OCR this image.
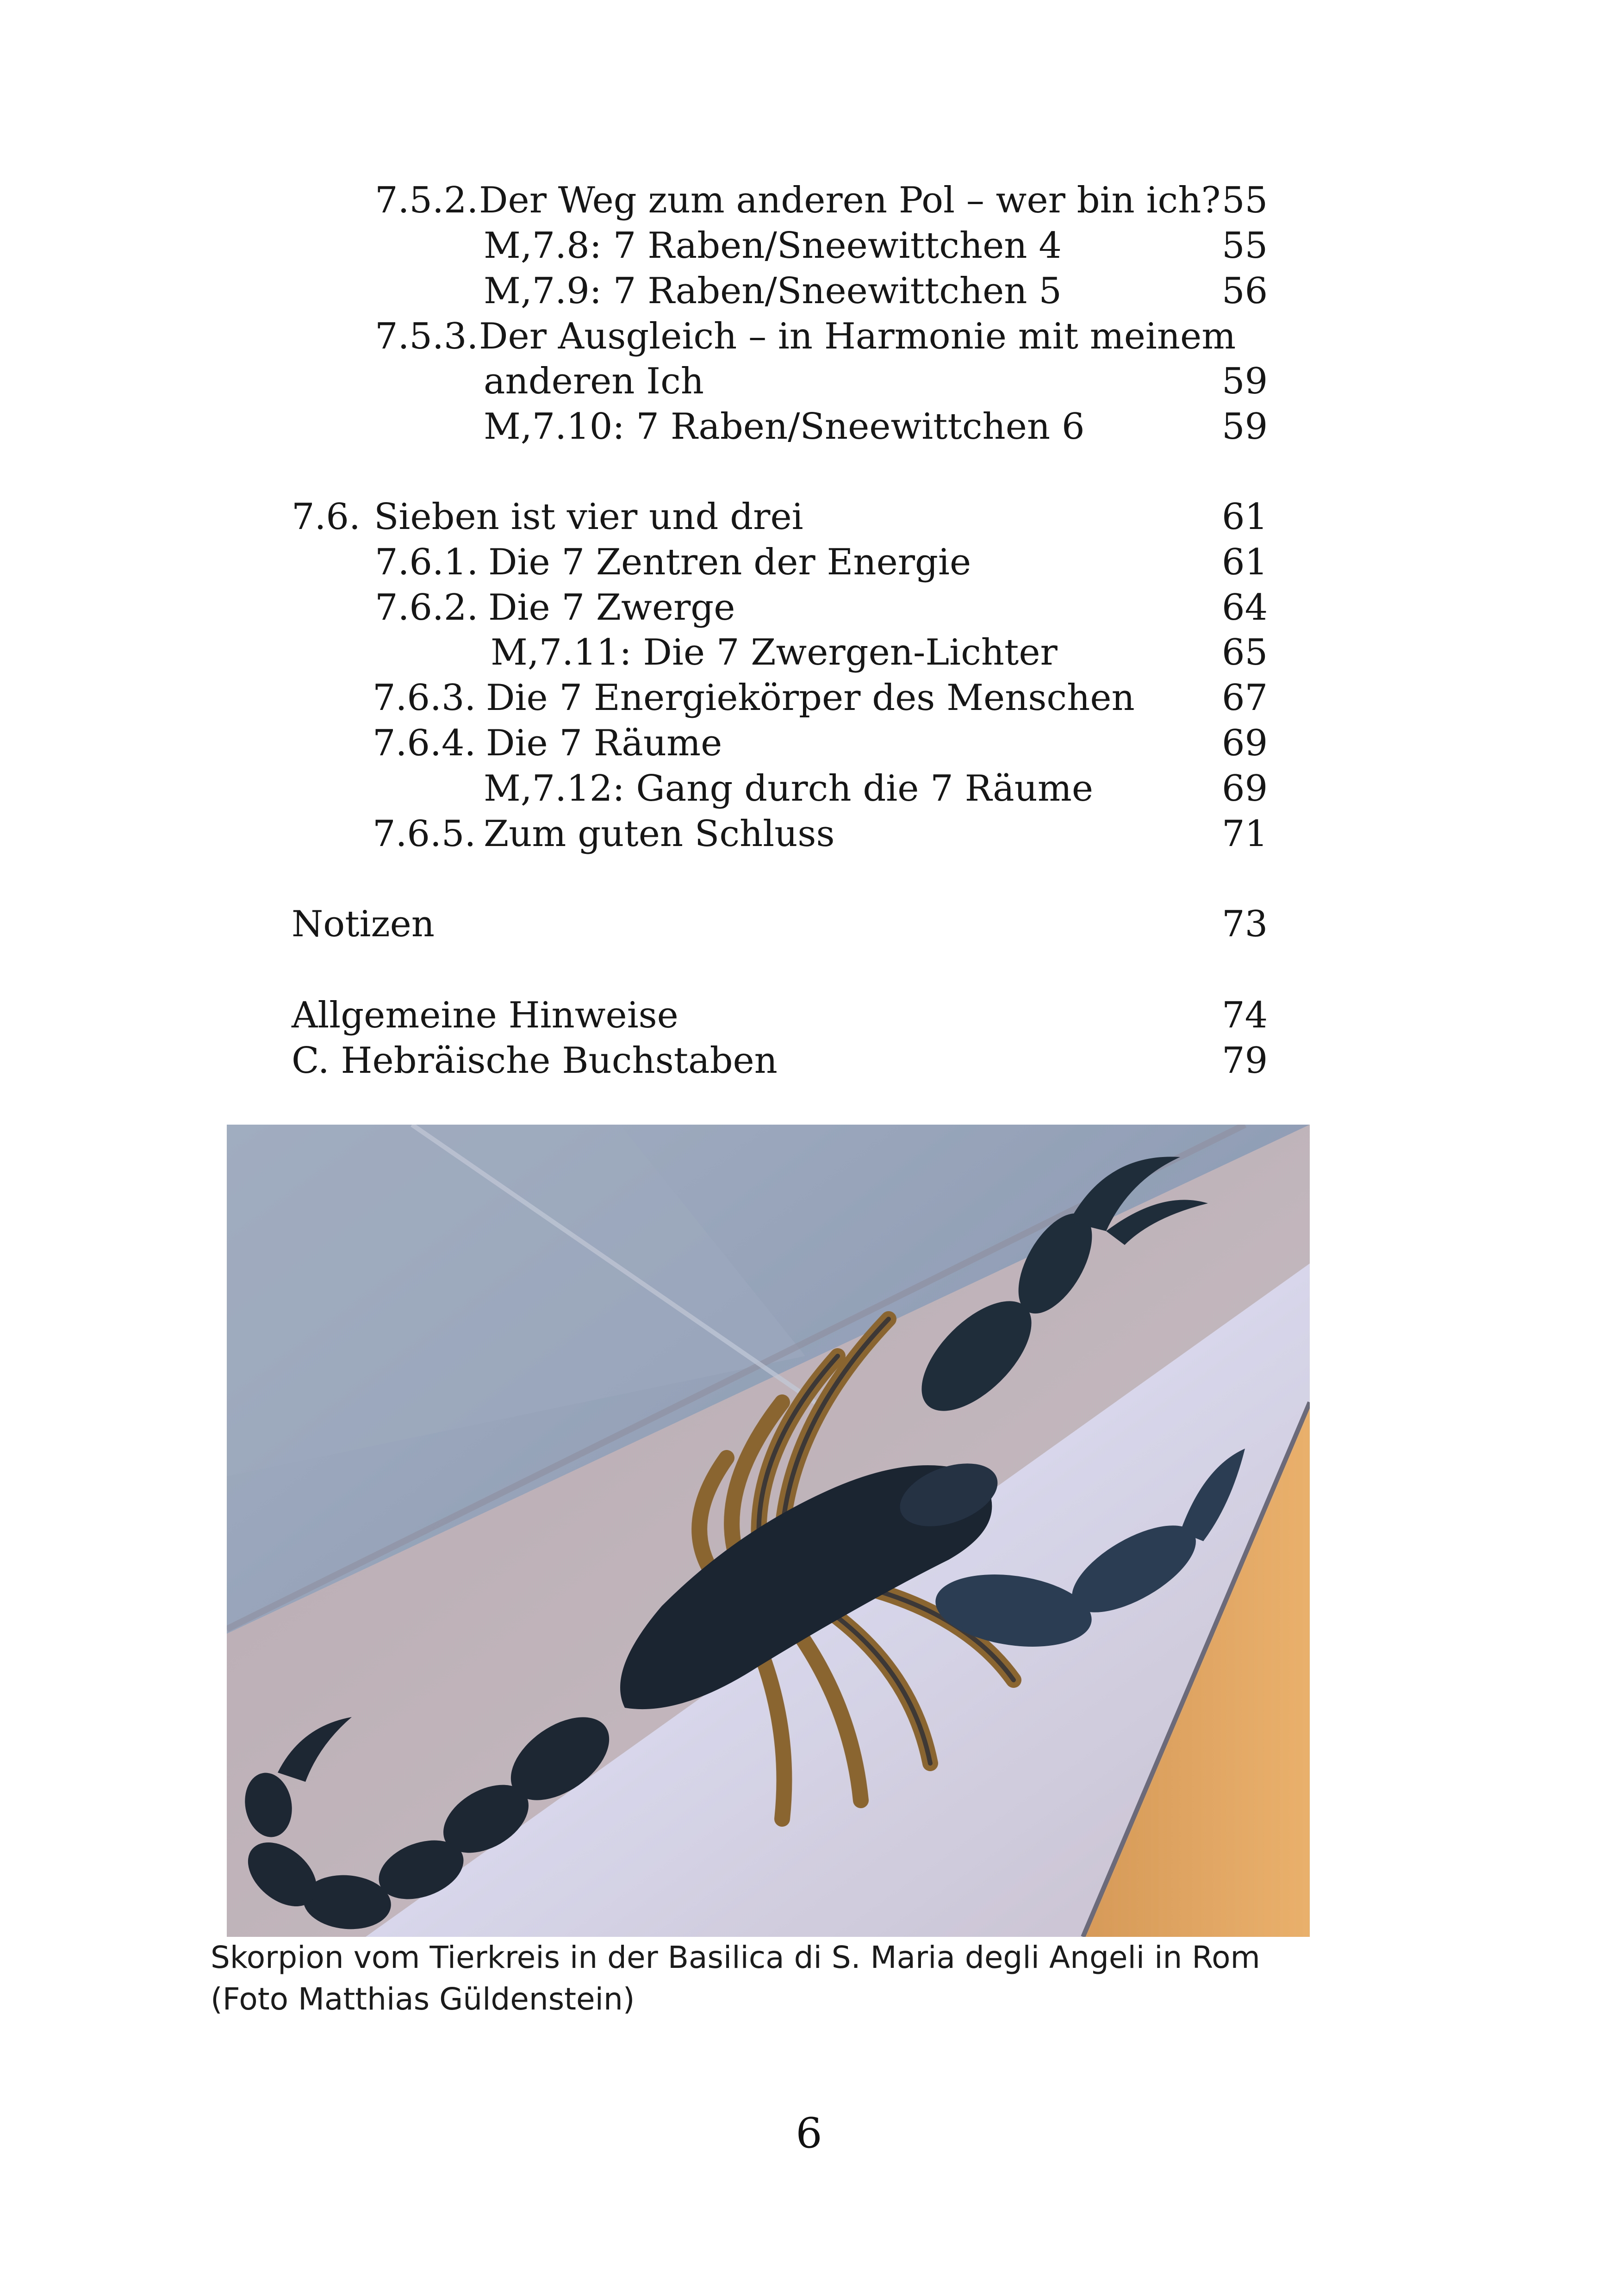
7.5.2. Der Weg zum anderen Pol – wer bin ich? 55
M,7.8: 7 Raben/Sneewittchen 4	55
M,7.9: 7 Raben/Sneewittchen 5	56
7.5.3. Der Ausgleich – in Harmonie mit meinem
anderen Ich	59
M,7.10: 7 Raben/Sneewittchen 6	59
7.6. Sieben ist vier und drei	61
7.6.1. Die 7 Zentren der Energie	61
7.6.2. Die 7 Zwerge	64
M,7.11: Die 7 Zwergen-Lichter	65
7.6.3. Die 7 Energiekörper des Menschen 67
7.6.4. Die 7 Räume	69
M,7.12: Gang durch die 7 Räume	69
7.6.5. Zum guten Schluss	71
Notizen	73
Allgemeine Hinweise	74
C. Hebräische Buchstaben	79
Skorpion vom Tierkreis in der Basilica di S. Maria degli Angeli in Rom
(Foto Matthias Güldenstein)
6
